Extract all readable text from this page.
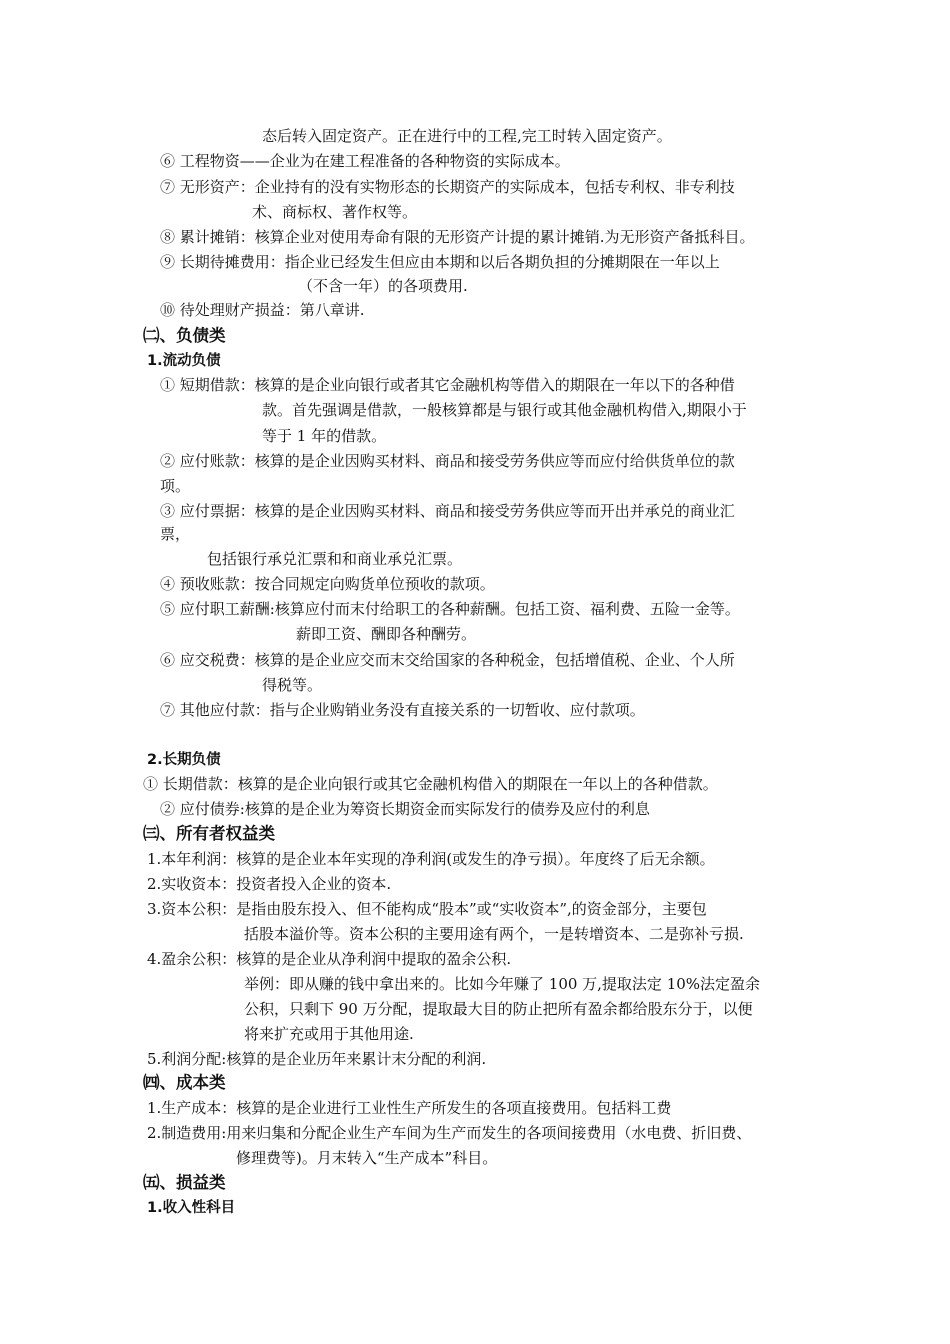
态后转入固定资产。正在进行中的工程,完工时转入固定资产。
⑥ 工程物资——企业为在建工程准备的各种物资的实际成本。
⑦ 无形资产：企业持有的没有实物形态的长期资产的实际成本，包括专利权、非专利技
术、商标权、著作权等。
⑧ 累计摊销：核算企业对使用寿命有限的无形资产计提的累计摊销.为无形资产备抵科目。
⑨ 长期待摊费用：指企业已经发生但应由本期和以后各期负担的分摊期限在一年以上
（不含一年）的各项费用.
⑩ 待处理财产损益：第八章讲.
㈡、负债类
1.流动负债
① 短期借款：核算的是企业向银行或者其它金融机构等借入的期限在一年以下的各种借
款。首先强调是借款，一般核算都是与银行或其他金融机构借入,期限小于
等于 1 年的借款。
② 应付账款：核算的是企业因购买材料、商品和接受劳务供应等而应付给供货单位的款
项。
③ 应付票据：核算的是企业因购买材料、商品和接受劳务供应等而开出并承兑的商业汇
票，
包括银行承兑汇票和和商业承兑汇票。
④ 预收账款：按合同规定向购货单位预收的款项。
⑤ 应付职工薪酬:核算应付而末付给职工的各种薪酬。包括工资、福利费、五险一金等。
薪即工资、酬即各种酬劳。
⑥ 应交税费：核算的是企业应交而末交给国家的各种税金，包括增值税、企业、个人所
得税等。
⑦ 其他应付款：指与企业购销业务没有直接关系的一切暂收、应付款项。
2.长期负债
① 长期借款：核算的是企业向银行或其它金融机构借入的期限在一年以上的各种借款。
② 应付债券:核算的是企业为筹资长期资金而实际发行的债券及应付的利息
㈢、所有者权益类
1.本年利润：核算的是企业本年实现的净利润(或发生的净亏损）。年度终了后无余额。
2.实收资本：投资者投入企业的资本.
3.资本公积：是指由股东投入、但不能构成“股本”或“实收资本”,的资金部分，主要包
括股本溢价等。资本公积的主要用途有两个，一是转增资本、二是弥补亏损.
4.盈余公积：核算的是企业从净利润中提取的盈余公积.
举例：即从赚的钱中拿出来的。比如今年赚了 100 万,提取法定 10%法定盈余
公积，只剩下 90 万分配，提取最大目的防止把所有盈余都给股东分于，以便
将来扩充或用于其他用途.
5.利润分配:核算的是企业历年来累计末分配的利润.
㈣、成本类
1.生产成本：核算的是企业进行工业性生产所发生的各项直接费用。包括料工费
2.制造费用:用来归集和分配企业生产车间为生产而发生的各项间接费用（水电费、折旧费、
修理费等)。月末转入“生产成本”科目。
㈤、损益类
1.收入性科目
